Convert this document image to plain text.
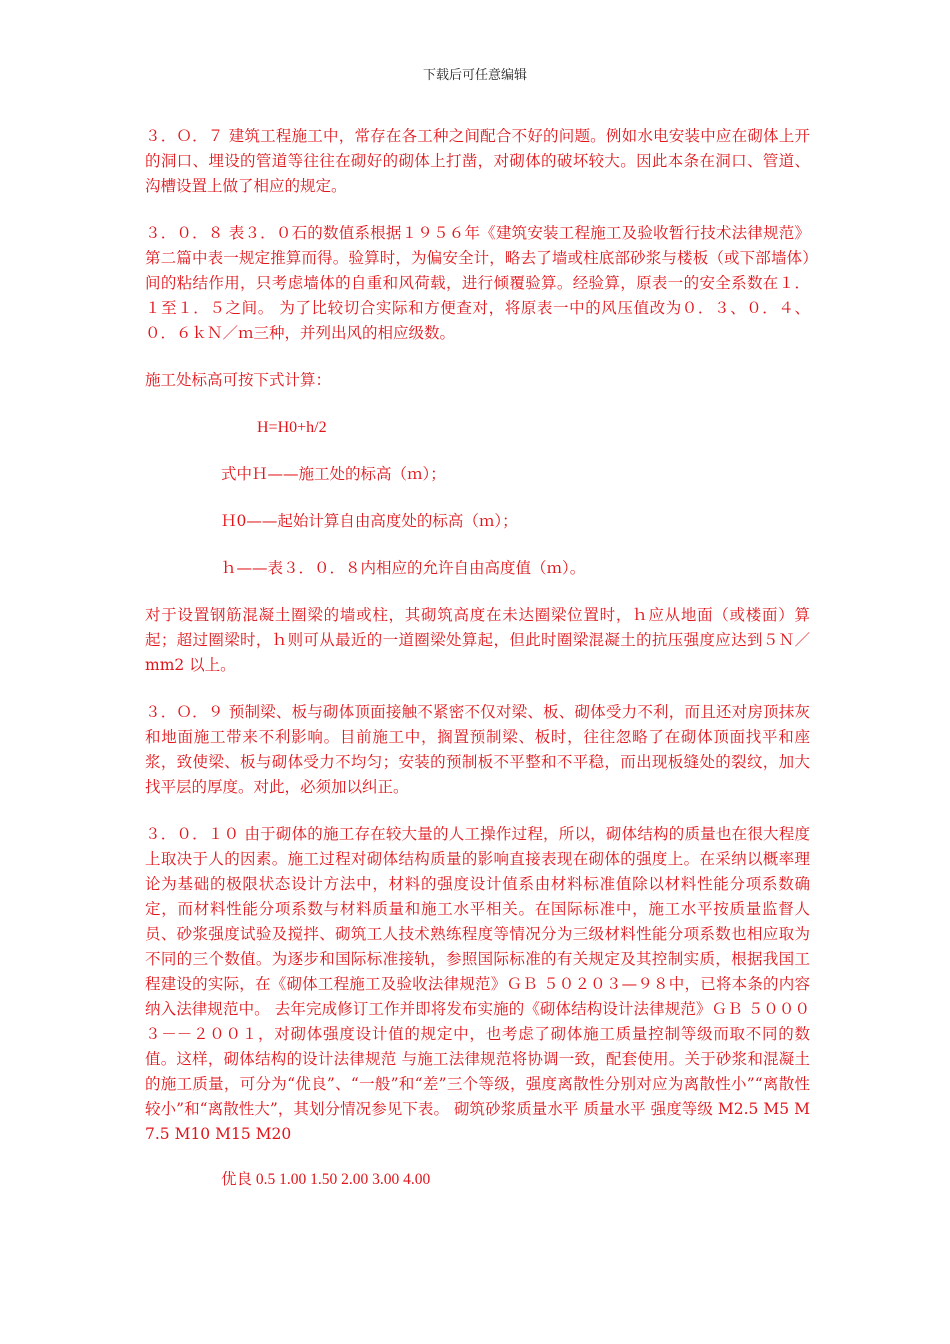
下载后可任意编辑

３．Ｏ．７ 建筑工程施工中，常存在各工种之间配合不好的问题。例如水电安装中应在砌体上开的洞口、埋设的管道等往往在砌好的砌体上打凿，对砌体的破坏较大。因此本条在洞口、管道、沟槽设置上做了相应的规定。

３．０．８ 表３．０石的数值系根据１９５６年《建筑安装工程施工及验收暂行技术法律规范》第二篇中表一规定推算而得。验算时，为偏安全计，略去了墙或柱底部砂浆与楼板（或下部墙体）间的粘结作用，只考虑墙体的自重和风荷载，进行倾覆验算。经验算，原表一的安全系数在１．１至１．５之间。 为了比较切合实际和方便查对，将原表一中的风压值改为０．３、０．４、０．６ｋＮ／ｍ三种，并列出风的相应级数。

施工处标高可按下式计算：

H=H0+h/2

式中Ｈ——施工处的标高（ｍ）；

Ｈ0——起始计算自由高度处的标高（ｍ）；

ｈ——表３．０．８内相应的允许自由高度值（ｍ）。

对于设置钢筋混凝土圈梁的墙或柱，其砌筑高度在未达圈梁位置时，ｈ应从地面（或楼面）算起；超过圈梁时，ｈ则可从最近的一道圈梁处算起，但此时圈梁混凝土的抗压强度应达到５Ｎ／mm2 以上。

３．Ｏ．９ 预制梁、板与砌体顶面接触不紧密不仅对梁、板、砌体受力不利，而且还对房顶抹灰和地面施工带来不利影响。目前施工中，搁置预制梁、板时，往往忽略了在砌体顶面找平和座浆，致使梁、板与砌体受力不均匀；安装的预制板不平整和不平稳，而出现板缝处的裂纹，加大找平层的厚度。对此，必须加以纠正。

３．０．１０ 由于砌体的施工存在较大量的人工操作过程，所以，砌体结构的质量也在很大程度上取决于人的因素。施工过程对砌体结构质量的影响直接表现在砌体的强度上。在采纳以概率理论为基础的极限状态设计方法中，材料的强度设计值系由材料标准值除以材料性能分项系数确定，而材料性能分项系数与材料质量和施工水平相关。在国际标准中，施工水平按质量监督人员、砂浆强度试验及搅拌、砌筑工人技术熟练程度等情况分为三级材料性能分项系数也相应取为不同的三个数值。为逐步和国际标准接轨，参照国际标准的有关规定及其控制实质，根据我国工程建设的实际，在《砌体工程施工及验收法律规范》ＧＢ ５０２０３—９８中，已将本条的内容纳入法律规范中。 去年完成修订工作并即将发布实施的《砌体结构设计法律规范》ＧＢ ５０００３－－２００１，对砌体强度设计值的规定中，也考虑了砌体施工质量控制等级而取不同的数值。这样，砌体结构的设计法律规范 与施工法律规范将协调一致，配套使用。关于砂浆和混凝土的施工质量，可分为“优良”、“一般”和“差”三个等级，强度离散性分别对应为离散性小”“离散性较小”和“离散性大”，其划分情况参见下表。 砌筑砂浆质量水平 质量水平 强度等级 M2.5 M5 M7.5 M10 M15 M20

优良 0.5 1.00 1.50 2.00 3.00 4.00
